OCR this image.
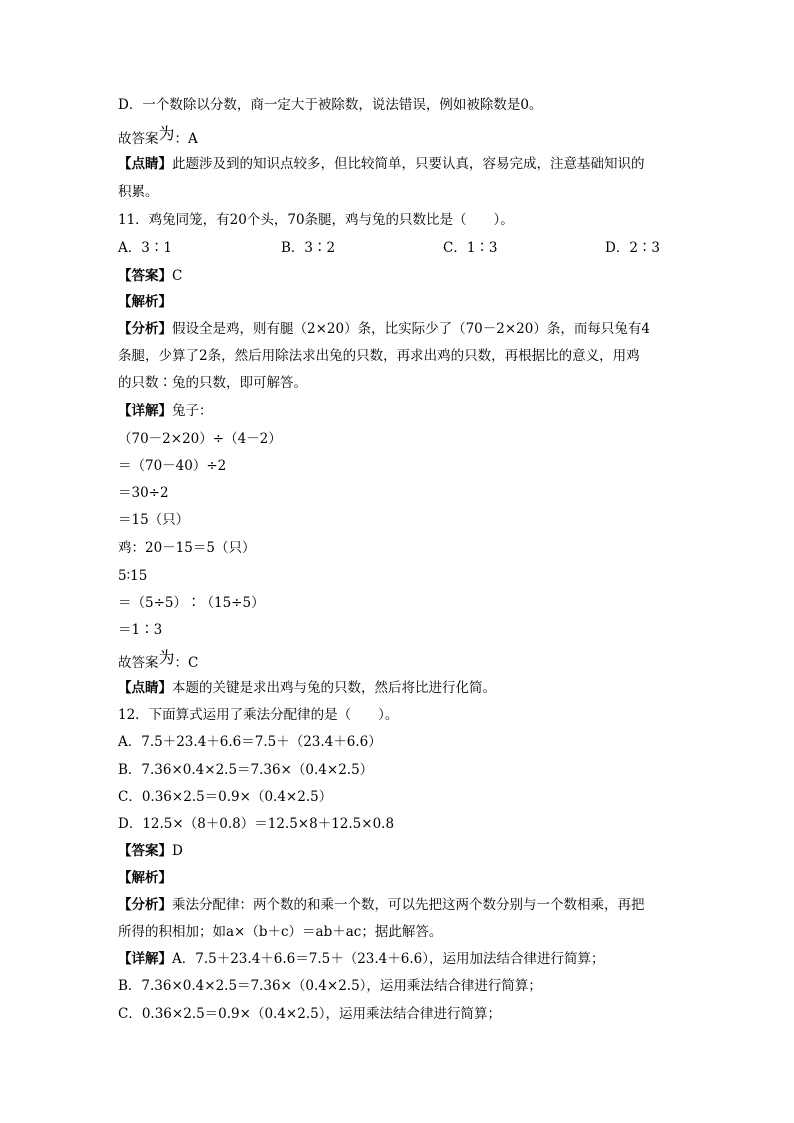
D．一个数除以分数，商一定大于被除数，说法错误，例如被除数是0。

故答案为：A

【点睛】此题涉及到的知识点较多，但比较简单，只要认真，容易完成，注意基础知识的

积累。

11．鸡兔同笼，有20个头，70条腿，鸡与兔的只数比是（　　）。

【答案】C

【解析】

【分析】假设全是鸡，则有腿（2×20）条，比实际少了（70－2×20）条，而每只兔有4

条腿，少算了2条，然后用除法求出兔的只数，再求出鸡的只数，再根据比的意义，用鸡

的只数∶兔的只数，即可解答。

【详解】兔子：

（70－2×20）÷（4－2）

＝（70－40）÷2

＝30÷2

＝15（只）

鸡：20－15＝5（只）

5∶15

＝（5÷5）∶（15÷5）

＝1∶3

故答案为：C

【点睛】本题的关键是求出鸡与兔的只数，然后将比进行化简。

12．下面算式运用了乘法分配律的是（　　）。

A．7.5＋23.4＋6.6＝7.5＋（23.4＋6.6）

B．7.36×0.4×2.5＝7.36×（0.4×2.5）

C．0.36×2.5＝0.9×（0.4×2.5）

D．12.5×（8＋0.8）＝12.5×8＋12.5×0.8

【答案】D

【解析】

【分析】乘法分配律：两个数的和乘一个数，可以先把这两个数分别与一个数相乘，再把

所得的积相加；如a×（b＋c）＝ab＋ac；据此解答。

【详解】A．7.5＋23.4＋6.6＝7.5＋（23.4＋6.6），运用加法结合律进行简算；

B．7.36×0.4×2.5＝7.36×（0.4×2.5），运用乘法结合律进行简算；

C．0.36×2.5＝0.9×（0.4×2.5），运用乘法结合律进行简算；

A．3∶1	B．3∶2	C．1∶3	D．2∶3
